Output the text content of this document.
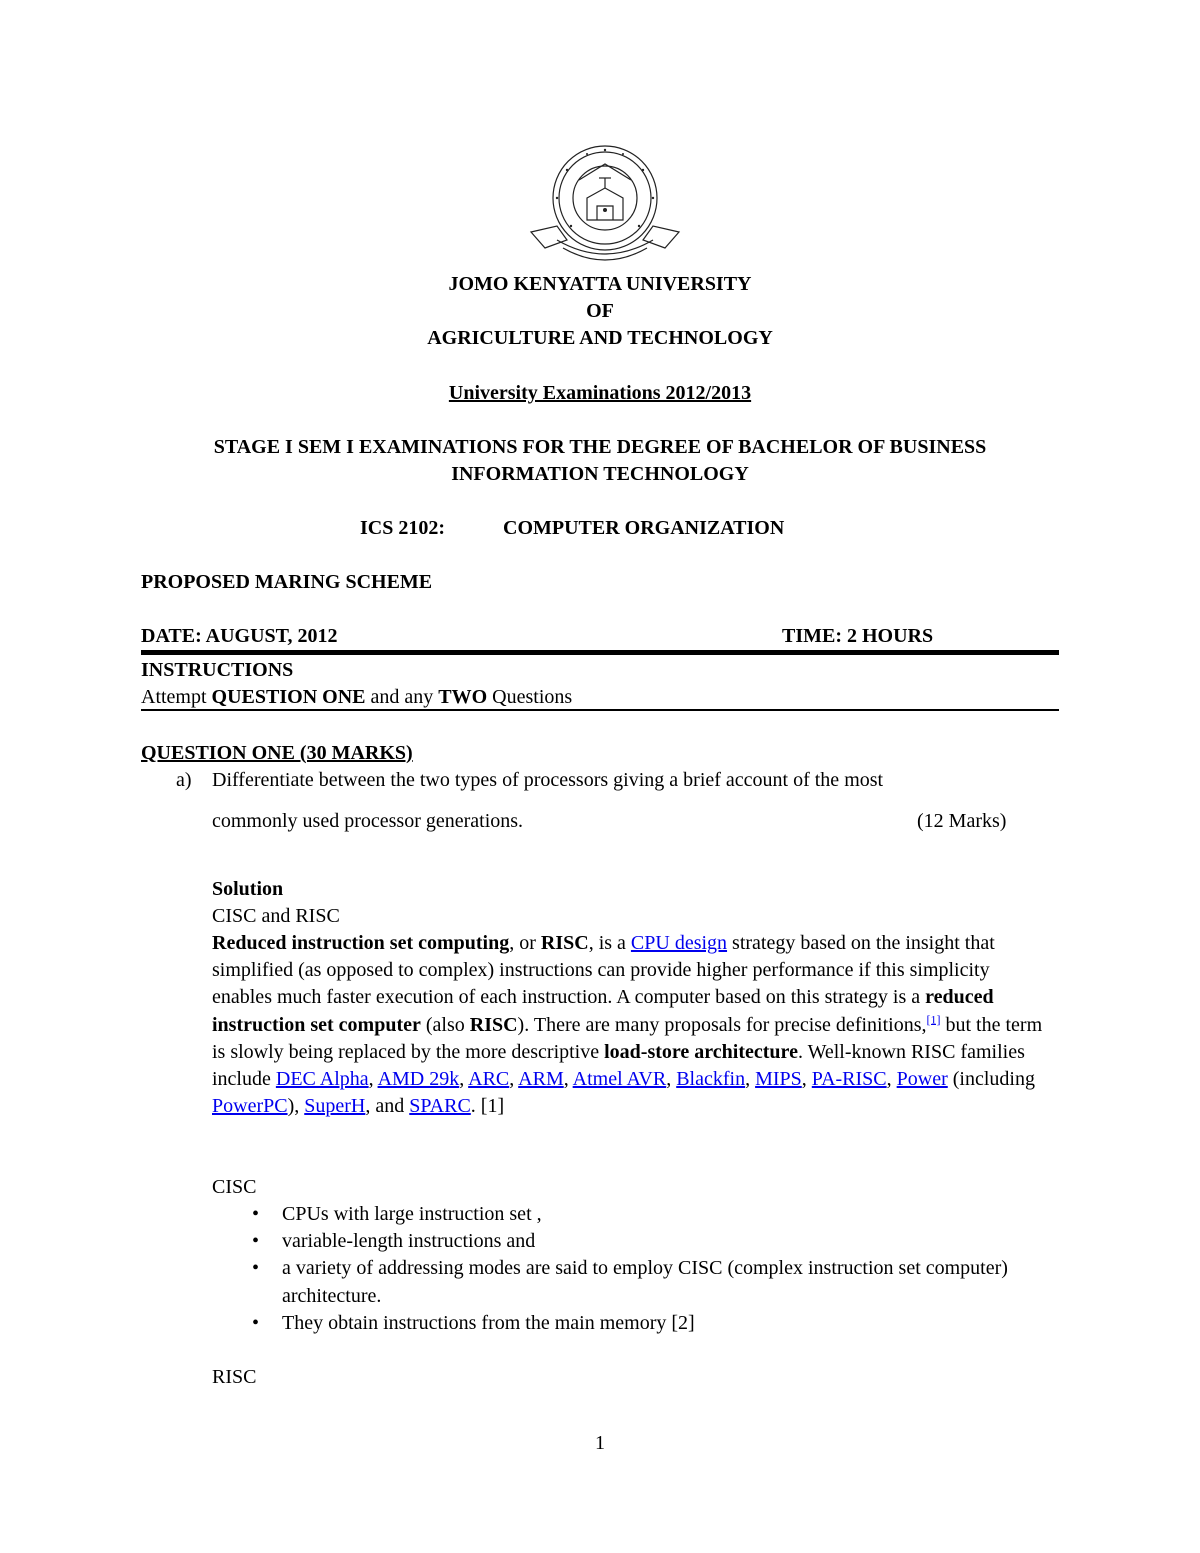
JOMO KENYATTA UNIVERSITY
OF
AGRICULTURE AND TECHNOLOGY
University Examinations 2012/2013
STAGE I SEM I EXAMINATIONS FOR THE DEGREE OF BACHELOR OF BUSINESS
INFORMATION TECHNOLOGY
ICS 2102:	COMPUTER ORGANIZATION
PROPOSED MARING SCHEME
DATE: AUGUST, 2012	TIME: 2 HOURS
INSTRUCTIONS
Attempt QUESTION ONE and any TWO Questions
QUESTION ONE (30 MARKS)
a) Differentiate between the two types of processors giving a brief account of the most
commonly used processor generations.	(12 Marks)
Solution
CISC and RISC

Reduced instruction set computing, or RISC, is a CPU design strategy based on the insight that simplified (as opposed to complex) instructions can provide higher performance if this simplicity enables much faster execution of each instruction. A computer based on this strategy is a reduced instruction set computer (also RISC). There are many proposals for precise definitions,[1] but the term is slowly being replaced by the more descriptive load-store architecture. Well-known RISC families include DEC Alpha, AMD 29k, ARC, ARM, Atmel AVR, Blackfin, MIPS, PA-RISC, Power (including PowerPC), SuperH, and SPARC. [1]

CISC
• CPUs with large instruction set ,
• variable-length instructions and
• a variety of addressing modes are said to employ CISC (complex instruction set computer) architecture.
• They obtain instructions from the main memory [2]
RISC
1
